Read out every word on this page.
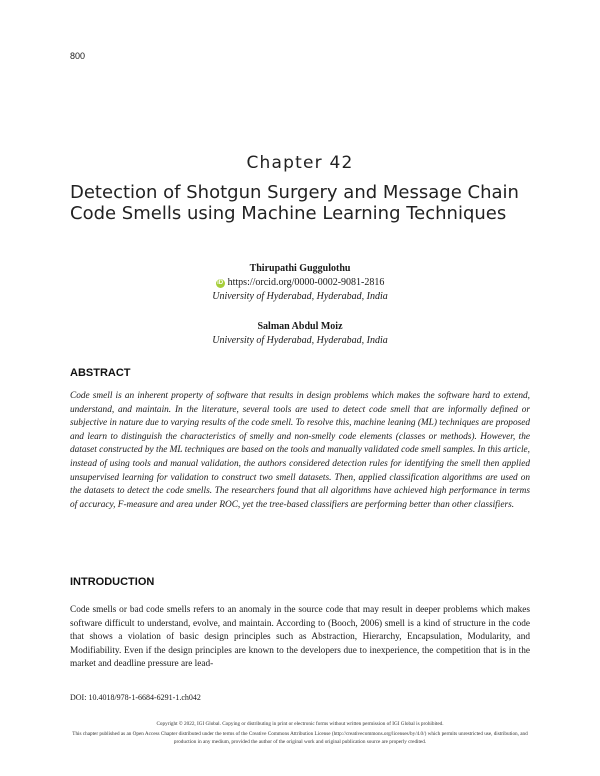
800
Chapter 42
Detection of Shotgun Surgery and Message Chain Code Smells using Machine Learning Techniques
Thirupathi Guggulothu
iD https://orcid.org/0000-0002-9081-2816
University of Hyderabad, Hyderabad, India
Salman Abdul Moiz
University of Hyderabad, Hyderabad, India
ABSTRACT

Code smell is an inherent property of software that results in design problems which makes the software hard to extend, understand, and maintain. In the literature, several tools are used to detect code smell that are informally defined or subjective in nature due to varying results of the code smell. To resolve this, machine leaning (ML) techniques are proposed and learn to distinguish the characteristics of smelly and non-smelly code elements (classes or methods). However, the dataset constructed by the ML techniques are based on the tools and manually validated code smell samples. In this article, instead of using tools and manual validation, the authors considered detection rules for identifying the smell then applied unsupervised learning for validation to construct two smell datasets. Then, applied classification algorithms are used on the datasets to detect the code smells. The researchers found that all algorithms have achieved high performance in terms of accuracy, F-measure and area under ROC, yet the tree-based classifiers are performing better than other classifiers.

INTRODUCTION

Code smells or bad code smells refers to an anomaly in the source code that may result in deeper problems which makes software difficult to understand, evolve, and maintain. According to (Booch, 2006) smell is a kind of structure in the code that shows a violation of basic design principles such as Abstraction, Hierarchy, Encapsulation, Modularity, and Modifiability. Even if the design principles are known to the developers due to inexperience, the competition that is in the market and deadline pressure are lead-

DOI: 10.4018/978-1-6684-6291-1.ch042
Copyright © 2022, IGI Global. Copying or distributing in print or electronic forms without written permission of IGI Global is prohibited.
This chapter published as an Open Access Chapter distributed under the terms of the Creative Commons Attribution License (http://creativecommons.org/licenses/by/4.0/) which permits unrestricted use, distribution, and production in any medium, provided the author of the original work and original publication source are properly credited.
